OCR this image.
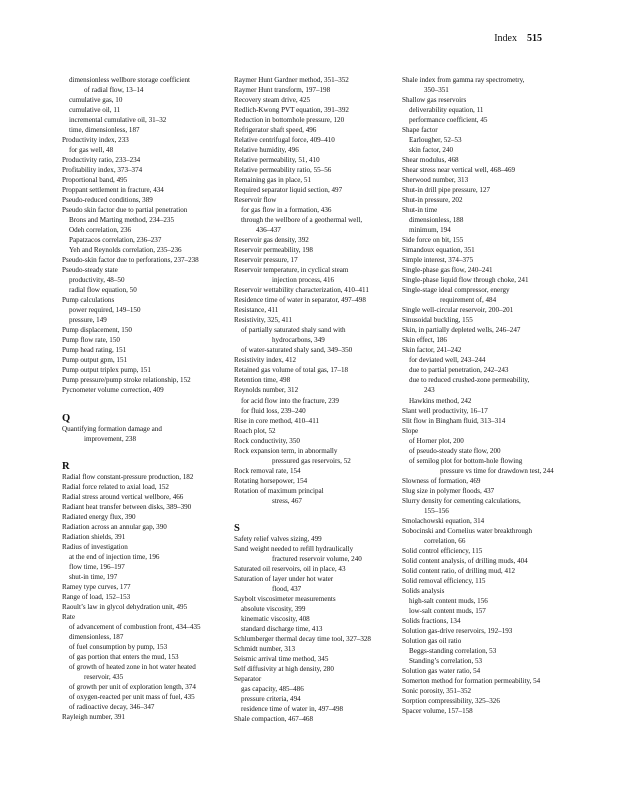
Index 515
dimensionless wellbore storage coefficient
of radial flow, 13–14
cumulative gas, 10
cumulative oil, 11
incremental cumulative oil, 31–32
time, dimensionless, 187
Productivity index, 233
for gas well, 48
Productivity ratio, 233–234
Profitability index, 373–374
Proportional band, 495
Proppant settlement in fracture, 434
Pseudo-reduced conditions, 389
Pseudo skin factor due to partial penetration
Brons and Marting method, 234–235
Odeh correlation, 236
Papatzacos correlation, 236–237
Yeh and Reynolds correlation, 235–236
Pseudo-skin factor due to perforations, 237–238
Pseudo-steady state
productivity, 48–50
radial flow equation, 50
Pump calculations
power required, 149–150
pressure, 149
Pump displacement, 150
Pump flow rate, 150
Pump head rating, 151
Pump output gpm, 151
Pump output triplex pump, 151
Pump pressure/pump stroke relationship, 152
Pycnometer volume correction, 409
Q
Quantifying formation damage and
improvement, 238
R
Radial flow constant-pressure production, 182
Radial force related to axial load, 152
Radial stress around vertical wellbore, 466
Radiant heat transfer between disks, 389–390
Radiated energy flux, 390
Radiation across an annular gap, 390
Radiation shields, 391
Radius of investigation
at the end of injection time, 196
flow time, 196–197
shut-in time, 197
Ramey type curves, 177
Range of load, 152–153
Raoult’s law in glycol dehydration unit, 495
Rate
of advancement of combustion front, 434–435
dimensionless, 187
of fuel consumption by pump, 153
of gas portion that enters the mud, 153
of growth of heated zone in hot water heated
reservoir, 435
of growth per unit of exploration length, 374
of oxygen-reacted per unit mass of fuel, 435
of radioactive decay, 346–347
Rayleigh number, 391
Raymer Hunt Gardner method, 351–352
Raymer Hunt transform, 197–198
Recovery steam drive, 425
Redlich-Kwong PVT equation, 391–392
Reduction in bottomhole pressure, 120
Refrigerator shaft speed, 496
Relative centrifugal force, 409–410
Relative humidity, 496
Relative permeability, 51, 410
Relative permeability ratio, 55–56
Remaining gas in place, 51
Required separator liquid section, 497
Reservoir flow
for gas flow in a formation, 436
through the wellbore of a geothermal well,
436–437
Reservoir gas density, 392
Reservoir permeability, 198
Reservoir pressure, 17
Reservoir temperature, in cyclical steam
injection process, 416
Reservoir wettability characterization, 410–411
Residence time of water in separator, 497–498
Resistance, 411
Resistivity, 325, 411
of partially saturated shaly sand with
hydrocarbons, 349
of water-saturated shaly sand, 349–350
Resistivity index, 412
Retained gas volume of total gas, 17–18
Retention time, 498
Reynolds number, 312
for acid flow into the fracture, 239
for fluid loss, 239–240
Rise in core method, 410–411
Roach plot, 52
Rock conductivity, 350
Rock expansion term, in abnormally
pressured gas reservoirs, 52
Rock removal rate, 154
Rotating horsepower, 154
Rotation of maximum principal
stress, 467
S
Safety relief valves sizing, 499
Sand weight needed to refill hydraulically
fractured reservoir volume, 240
Saturated oil reservoirs, oil in place, 43
Saturation of layer under hot water
flood, 437
Saybolt viscosimeter measurements
absolute viscosity, 399
kinematic viscosity, 408
standard discharge time, 413
Schlumberger thermal decay time tool, 327–328
Schmidt number, 313
Seismic arrival time method, 345
Self diffusivity at high density, 280
Separator
gas capacity, 485–486
pressure criteria, 494
residence time of water in, 497–498
Shale compaction, 467–468
Shale index from gamma ray spectrometry,
350–351
Shallow gas reservoirs
deliverability equation, 11
performance coefficient, 45
Shape factor
Earlougher, 52–53
skin factor, 240
Shear modulus, 468
Shear stress near vertical well, 468–469
Sherwood number, 313
Shut-in drill pipe pressure, 127
Shut-in pressure, 202
Shut-in time
dimensionless, 188
minimum, 194
Side force on bit, 155
Simandoux equation, 351
Simple interest, 374–375
Single-phase gas flow, 240–241
Single-phase liquid flow through choke, 241
Single-stage ideal compressor, energy
requirement of, 484
Single well-circular reservoir, 200–201
Sinusoidal buckling, 155
Skin, in partially depleted wells, 246–247
Skin effect, 186
Skin factor, 241–242
for deviated well, 243–244
due to partial penetration, 242–243
due to reduced crushed-zone permeability,
243
Hawkins method, 242
Slant well productivity, 16–17
Slit flow in Bingham fluid, 313–314
Slope
of Horner plot, 200
of pseudo-steady state flow, 200
of semilog plot for bottom-hole flowing
pressure vs time for drawdown test, 244
Slowness of formation, 469
Slug size in polymer floods, 437
Slurry density for cementing calculations,
155–156
Smolachowski equation, 314
Sobocinski and Cornelius water breakthrough
correlation, 66
Solid control efficiency, 115
Solid content analysis, of drilling muds, 404
Solid content ratio, of drilling mud, 412
Solid removal efficiency, 115
Solids analysis
high-salt content muds, 156
low-salt content muds, 157
Solids fractions, 134
Solution gas-drive reservoirs, 192–193
Solution gas oil ratio
Beggs-standing correlation, 53
Standing’s correlation, 53
Solution gas water ratio, 54
Somerton method for formation permeability, 54
Sonic porosity, 351–352
Sorption compressibility, 325–326
Spacer volume, 157–158
